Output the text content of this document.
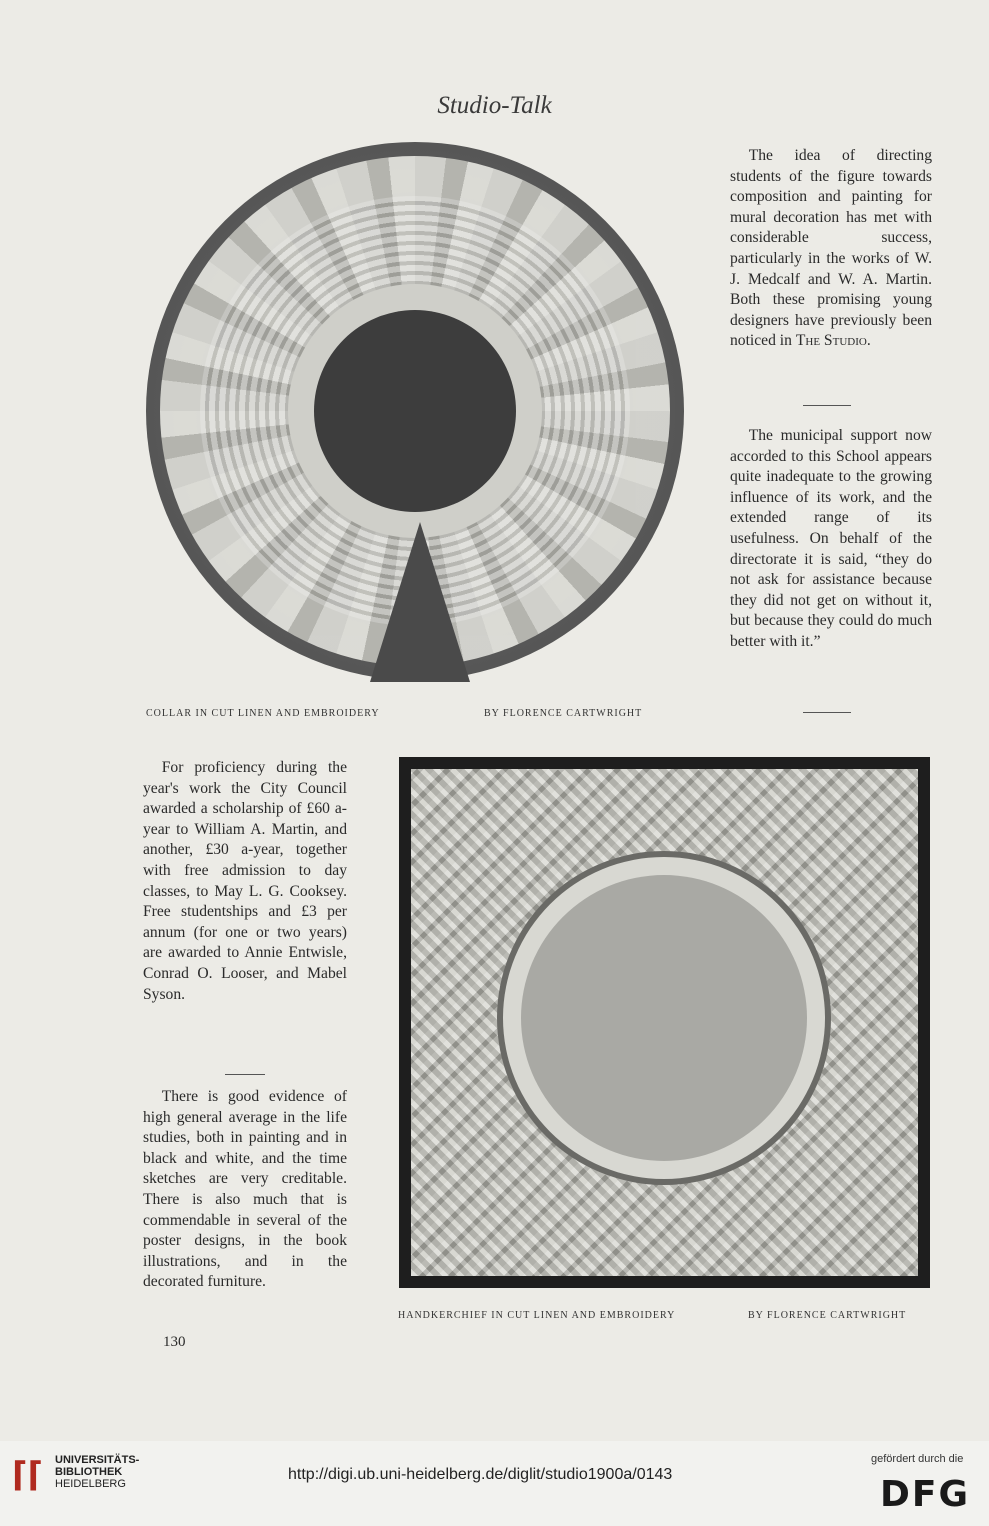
Studio-Talk

The idea of directing students of the figure towards composition and painting for mural decoration has met with considerable success, particularly in the works of W. J. Medcalf and W. A. Martin. Both these promising young designers have previously been noticed in The Studio.

The municipal support now accorded to this School appears quite inadequate to the growing influence of its work, and the extended range of its usefulness. On behalf of the directorate it is said, “they do not ask for assistance because they did not get on without it, but because they could do much better with it.”

COLLAR IN CUT LINEN AND EMBROIDERY	BY FLORENCE CARTWRIGHT

For proficiency during the year's work the City Council awarded a scholarship of £60 a-year to William A. Martin, and another, £30 a-year, together with free admission to day classes, to May L. G. Cooksey. Free studentships and £3 per annum (for one or two years) are awarded to Annie Entwisle, Conrad O. Looser, and Mabel Syson.

There is good evidence of high general average in the life studies, both in painting and in black and white, and the time sketches are very creditable. There is also much that is commendable in several of the poster designs, in the book illustrations, and in the decorated furniture.

HANDKERCHIEF IN CUT LINEN AND EMBROIDERY	BY FLORENCE CARTWRIGHT
130
⌈⌈	UNIVERSITÄTS-
BIBLIOTHEK
HEIDELBERG
http://digi.ub.uni-heidelberg.de/diglit/studio1900a/0143
gefördert durch die
DFG
